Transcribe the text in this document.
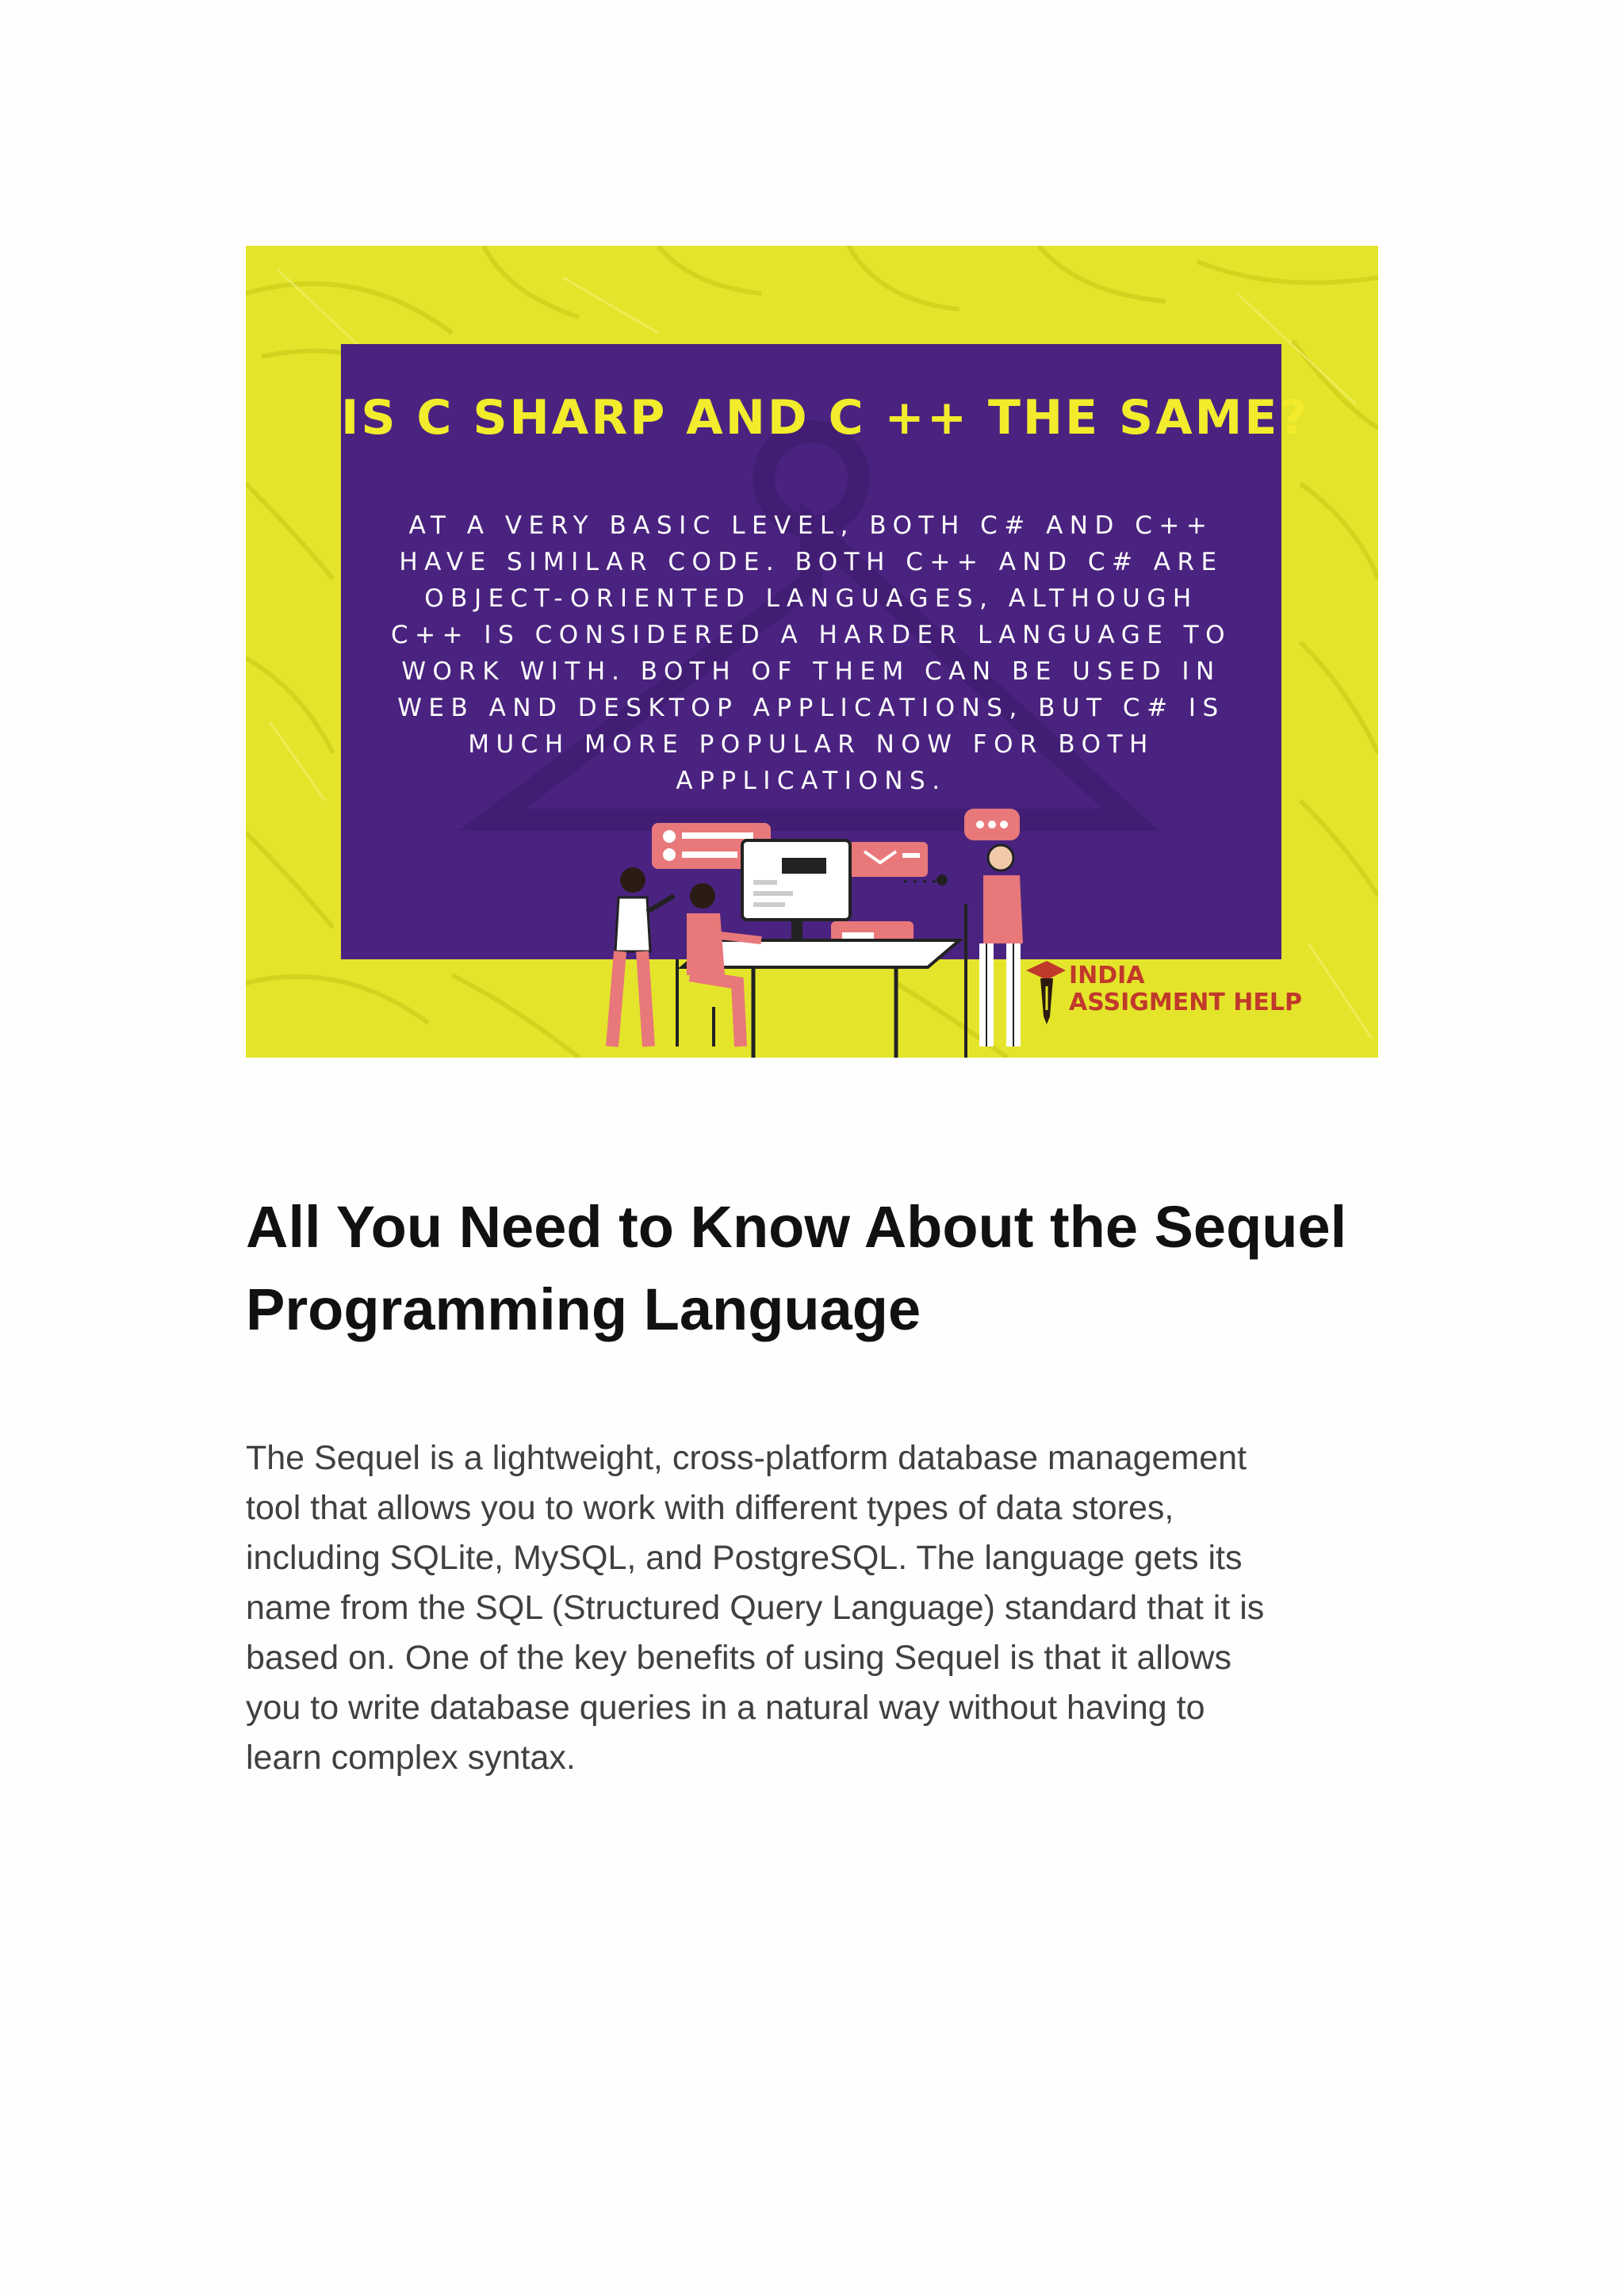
IS C SHARP AND C ++ THE SAME?
AT A VERY BASIC LEVEL, BOTH C# AND C++
HAVE SIMILAR CODE. BOTH C++ AND C# ARE
OBJECT-ORIENTED LANGUAGES, ALTHOUGH
C++ IS CONSIDERED A HARDER LANGUAGE TO
WORK WITH. BOTH OF THEM CAN BE USED IN
WEB AND DESKTOP APPLICATIONS, BUT C# IS
MUCH MORE POPULAR NOW FOR BOTH
APPLICATIONS.
INDIA
ASSIGMENT HELP
All You Need to Know About the Sequel
Programming Language

The Sequel is a lightweight, cross-platform database management
tool that allows you to work with different types of data stores,
including SQLite, MySQL, and PostgreSQL. The language gets its
name from the SQL (Structured Query Language) standard that it is
based on. One of the key benefits of using Sequel is that it allows
you to write database queries in a natural way without having to
learn complex syntax.
